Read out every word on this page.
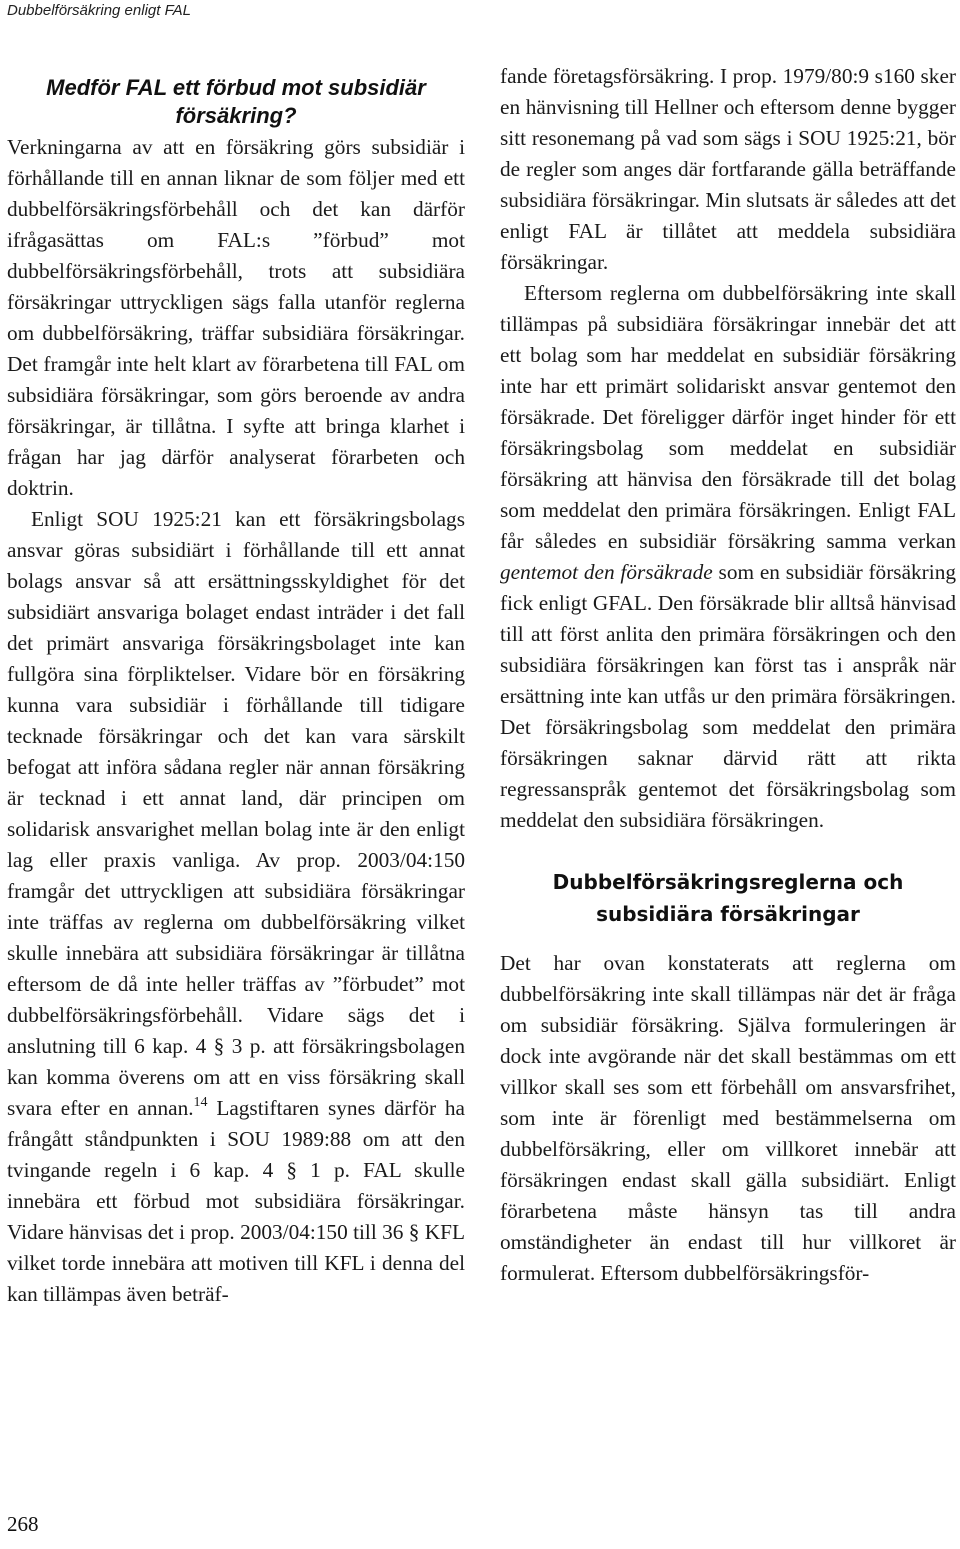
Dubbelförsäkring enligt FAL
Medför FAL ett förbud mot subsidiär
försäkring?

Verkningarna av att en försäkring görs subsidiär i förhållande till en annan liknar de som följer med ett dubbelförsäkringsförbehåll och det kan därför ifrågasättas om FAL:s ”förbud” mot dubbelförsäkringsförbehåll, trots att subsidiära försäkringar uttryckligen sägs falla utanför reglerna om dubbelförsäkring, träffar subsidiära försäkringar. Det framgår inte helt klart av förarbetena till FAL om subsidiära försäkringar, som görs beroende av andra försäkringar, är tillåtna. I syfte att bringa klarhet i frågan har jag därför analyserat förarbeten och doktrin.

Enligt SOU 1925:21 kan ett försäkringsbolags ansvar göras subsidiärt i förhållande till ett annat bolags ansvar så att ersättningsskyldighet för det subsidiärt ansvariga bolaget endast inträder i det fall det primärt ansvariga försäkringsbolaget inte kan fullgöra sina förpliktelser. Vidare bör en försäkring kunna vara subsidiär i förhållande till tidigare tecknade försäkringar och det kan vara särskilt befogat att införa sådana regler när annan försäkring är tecknad i ett annat land, där principen om solidarisk ansvarighet mellan bolag inte är den enligt lag eller praxis vanliga. Av prop. 2003/04:150 framgår det uttryckligen att subsidiära försäkringar inte träffas av reglerna om dubbelförsäkring vilket skulle innebära att subsidiära försäkringar är tillåtna eftersom de då inte heller träffas av ”förbudet” mot dubbelförsäkringsförbehåll. Vidare sägs det i anslutning till 6 kap. 4 § 3 p. att försäkringsbolagen kan komma överens om att en viss försäkring skall svara efter en annan.$^{14}$ Lagstiftaren synes därför ha frångått ståndpunkten i SOU 1989:88 om att den tvingande regeln i 6 kap. 4 § 1 p. FAL skulle innebära ett förbud mot subsidiära försäkringar. Vidare hänvisas det i prop. 2003/04:150 till 36 § KFL vilket torde innebära att motiven till KFL i denna del kan tillämpas även beträf-

fande företagsförsäkring. I prop. 1979/80:9 s160 sker en hänvisning till Hellner och eftersom denne bygger sitt resonemang på vad som sägs i SOU 1925:21, bör de regler som anges där fortfarande gälla beträffande subsidiära försäkringar. Min slutsats är således att det enligt FAL är tillåtet att meddela subsidiära försäkringar.

Eftersom reglerna om dubbelförsäkring inte skall tillämpas på subsidiära försäkringar innebär det att ett bolag som har meddelat en subsidiär försäkring inte har ett primärt solidariskt ansvar gentemot den försäkrade. Det föreligger därför inget hinder för ett försäkringsbolag som meddelat en subsidiär försäkring att hänvisa den försäkrade till det bolag som meddelat den primära försäkringen. Enligt FAL får således en subsidiär försäkring samma verkan gentemot den försäkrade som en subsidiär försäkring fick enligt GFAL. Den försäkrade blir alltså hänvisad till att först anlita den primära försäkringen och den subsidiära försäkringen kan först tas i anspråk när ersättning inte kan utfås ur den primära försäkringen. Det försäkringsbolag som meddelat den primära försäkringen saknar därvid rätt att rikta regressanspråk gentemot det försäkringsbolag som meddelat den subsidiära försäkringen.

Dubbelförsäkringsreglerna och
subsidiära försäkringar

Det har ovan konstaterats att reglerna om dubbelförsäkring inte skall tillämpas när det är fråga om subsidiär försäkring. Själva formuleringen är dock inte avgörande när det skall bestämmas om ett villkor skall ses som ett förbehåll om ansvarsfrihet, som inte är förenligt med bestämmelserna om dubbelförsäkring, eller om villkoret innebär att försäkringen endast skall gälla subsidiärt. Enligt förarbetena måste hänsyn tas till andra omständigheter än endast till hur villkoret är formulerat. Eftersom dubbelförsäkringsför-

268
